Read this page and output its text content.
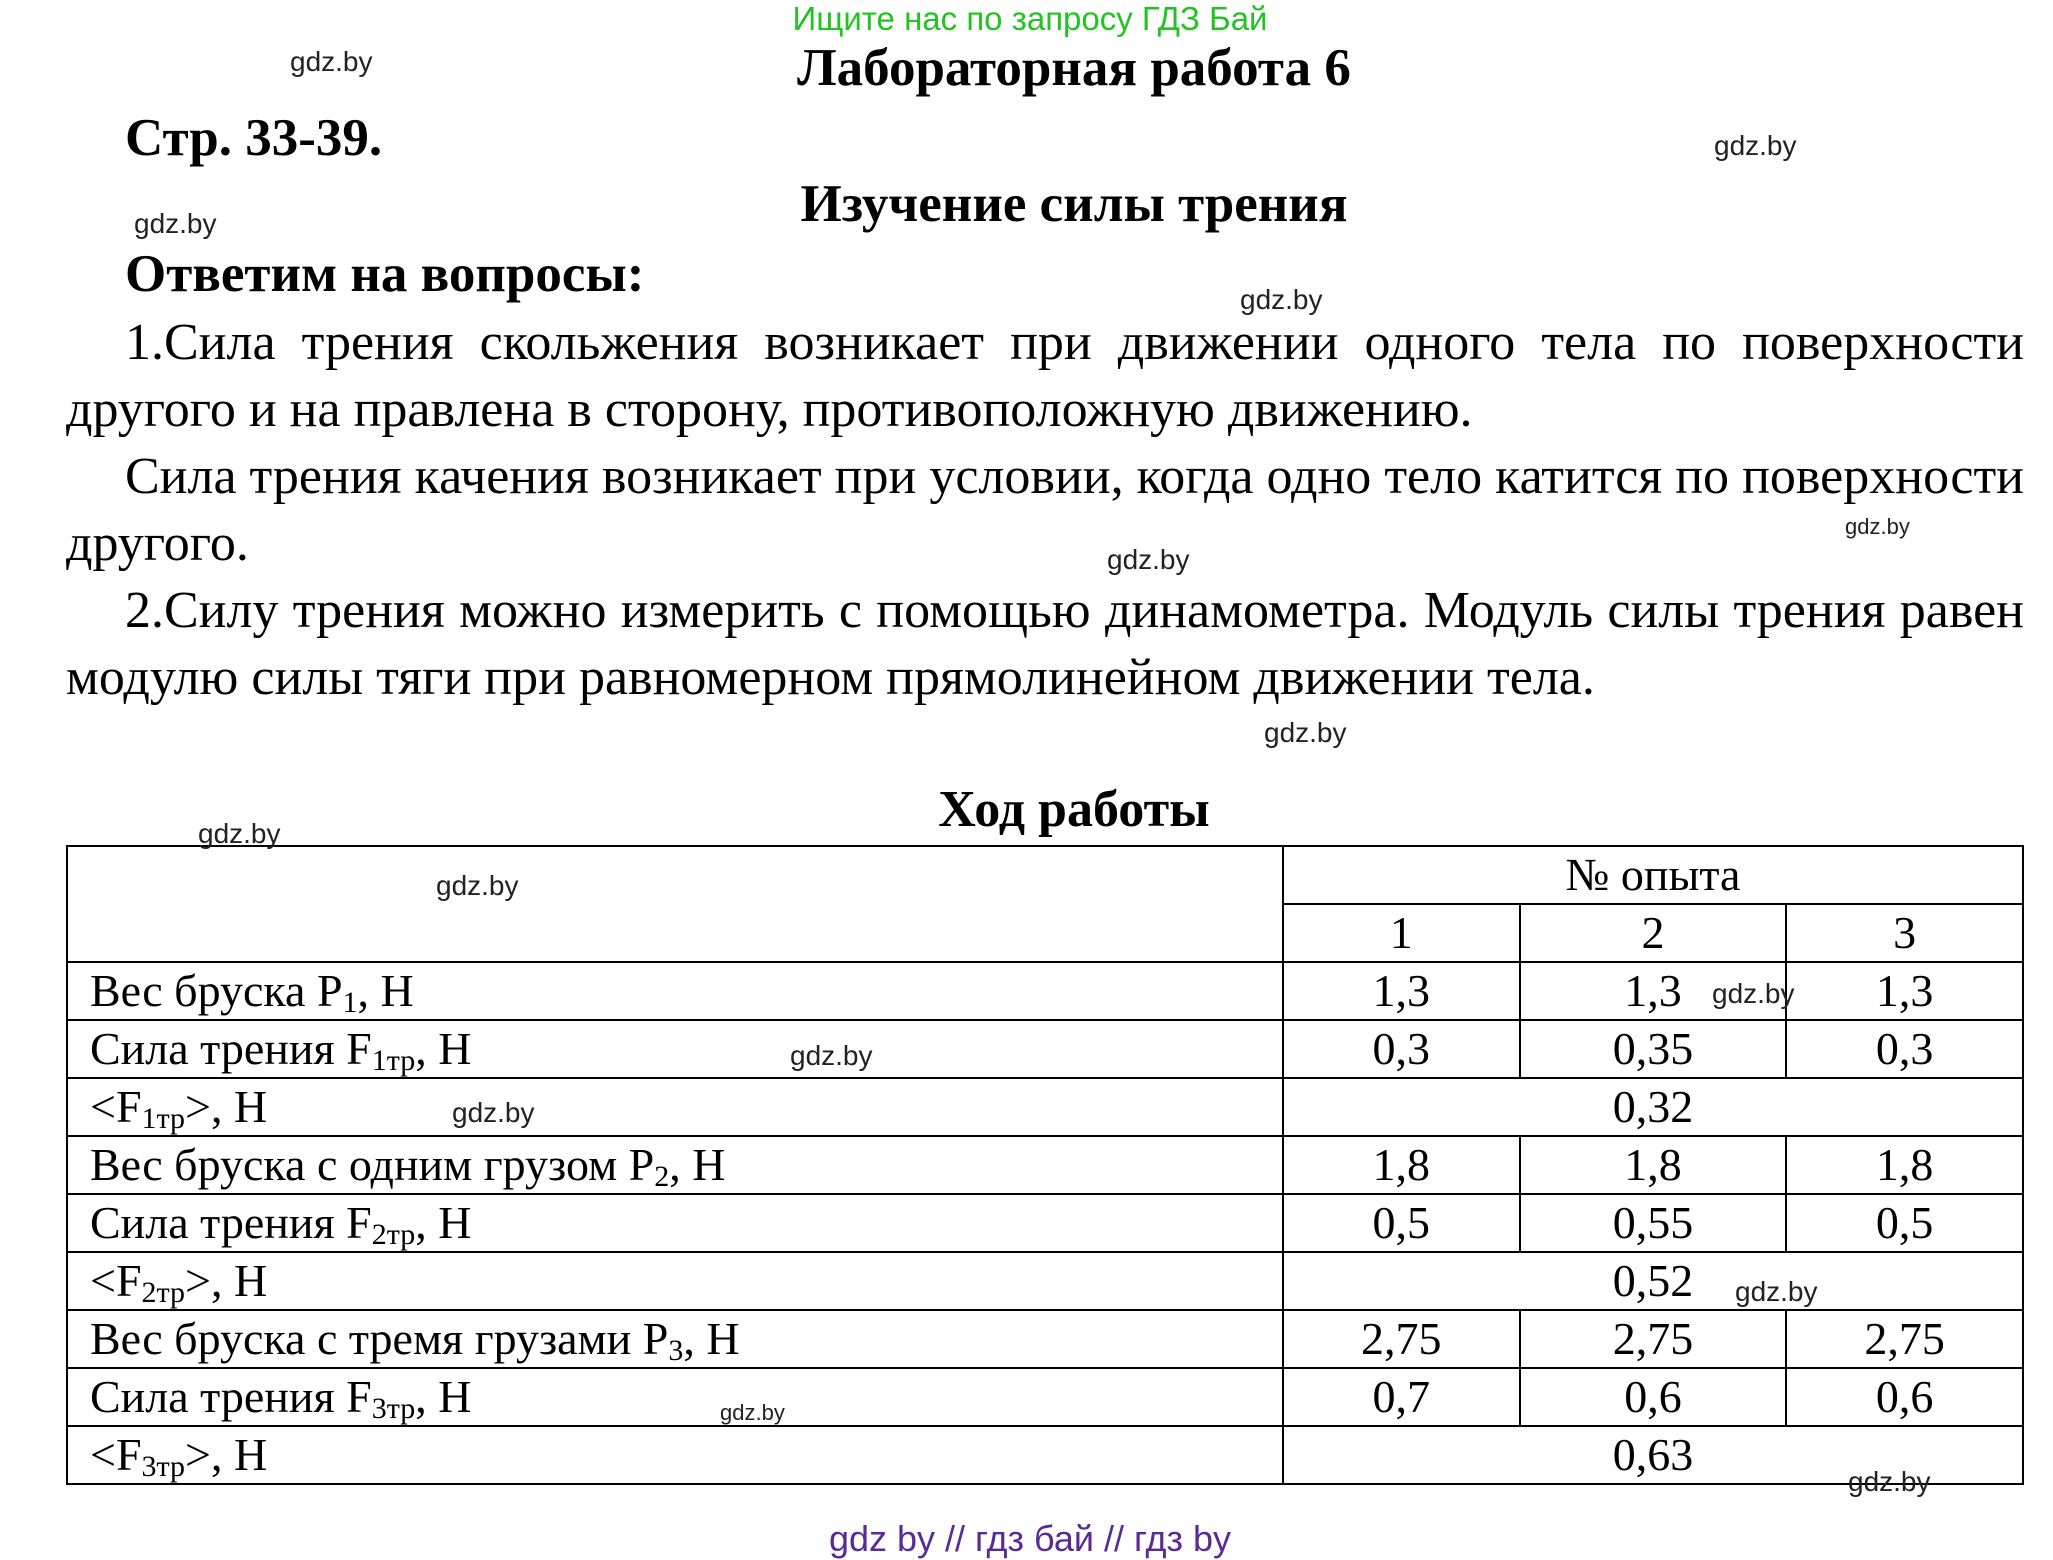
Ищите нас по запросу ГДЗ Бай
Лабораторная работа 6
Стр. 33-39.
Изучение силы трения
Ответим на вопросы:

1.Сила трения скольжения возникает при движении одного тела по поверхности другого и на правлена в сторону, противоположную движению.

Сила трения качения возникает при условии, когда одно тело катится по поверхности другого.

2.Силу трения можно измерить с помощью динамометра. Модуль силы трения равен модулю силы тяги при равномерном прямолинейном движении тела.

Ход работы
	№ опыта		
	1	2	3
Вес бруска $P_1$, Н	1,3	1,3	1,3
Сила трения $F_{1тр}$, Н	0,3	0,35	0,3
$<F_{1тр}>$, Н	0,32		
Вес бруска с одним грузом $P_2$, Н	1,8	1,8	1,8
Сила трения $F_{2тр}$, Н	0,5	0,55	0,5
$<F_{2тр}>$, Н	0,52		
Вес бруска с тремя грузами $P_3$, Н	2,75	2,75	2,75
Сила трения $F_{3тр}$, Н	0,7	0,6	0,6
$<F_{3тр}>$, Н	0,63		
gdz.by
gdz.by
gdz.by
gdz.by
gdz.by
gdz.by
gdz.by
gdz.by
gdz.by
gdz.by
gdz.by
gdz.by
gdz.by
gdz.by
gdz.by
gdz by // гдз бай // гдз by
